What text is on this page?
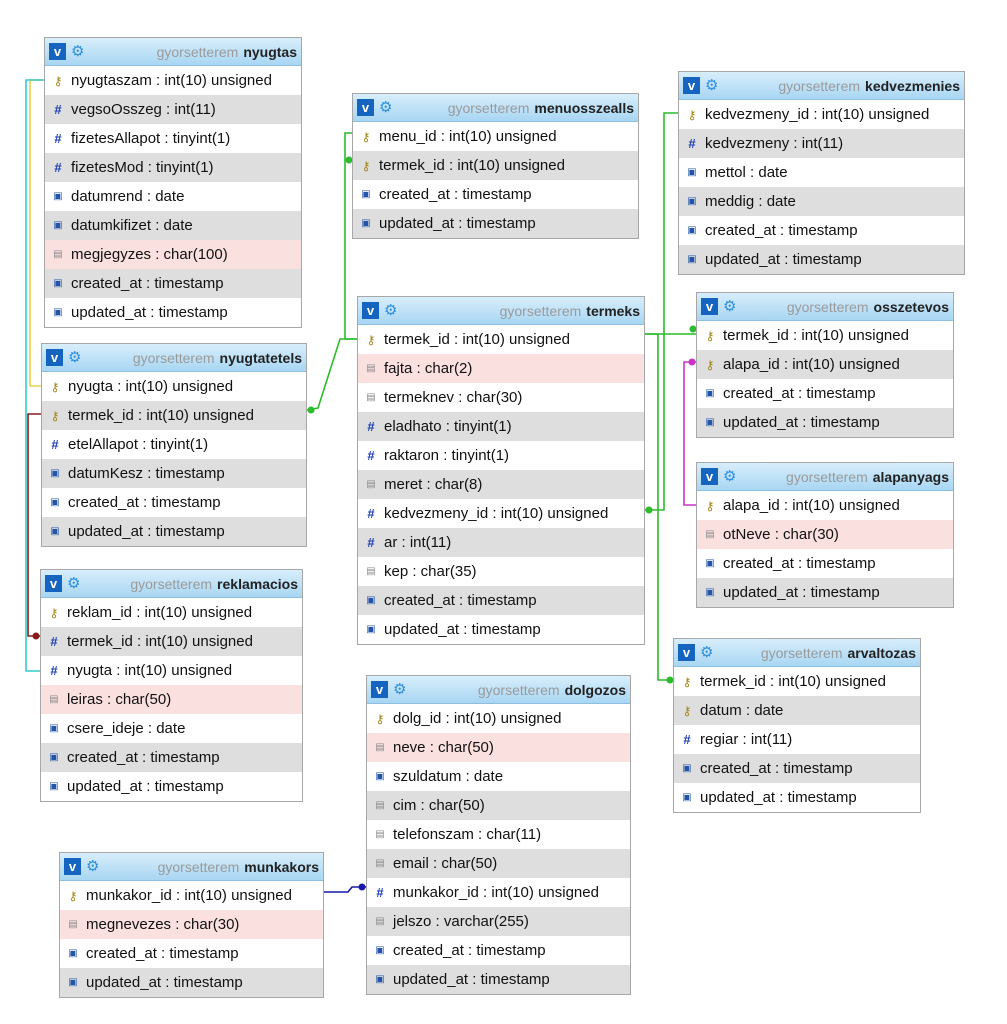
v ⚙	gyorsetterem nyugtas
⚷ nyugtaszam : int(10) unsigned
# vegsoOsszeg : int(11)
# fizetesAllapot : tinyint(1)
# fizetesMod : tinyint(1)
▣ datumrend : date
▣ datumkifizet : date
▤ megjegyzes : char(100)
▣ created_at : timestamp
▣ updated_at : timestamp
v ⚙	gyorsetterem nyugtatetels
⚷ nyugta : int(10) unsigned
⚷ termek_id : int(10) unsigned
# etelAllapot : tinyint(1)
▣ datumKesz : timestamp
▣ created_at : timestamp
▣ updated_at : timestamp
v ⚙	gyorsetterem reklamacios
⚷ reklam_id : int(10) unsigned
# termek_id : int(10) unsigned
# nyugta : int(10) unsigned
▤ leiras : char(50)
▣ csere_ideje : date
▣ created_at : timestamp
▣ updated_at : timestamp
v ⚙	gyorsetterem munkakors
⚷ munkakor_id : int(10) unsigned
▤ megnevezes : char(30)
▣ created_at : timestamp
▣ updated_at : timestamp
v ⚙	gyorsetterem menuosszealls
⚷ menu_id : int(10) unsigned
⚷ termek_id : int(10) unsigned
▣ created_at : timestamp
▣ updated_at : timestamp
v ⚙	gyorsetterem termeks
⚷ termek_id : int(10) unsigned
▤ fajta : char(2)
▤ termeknev : char(30)
# eladhato : tinyint(1)
# raktaron : tinyint(1)
▤ meret : char(8)
# kedvezmeny_id : int(10) unsigned
# ar : int(11)
▤ kep : char(35)
▣ created_at : timestamp
▣ updated_at : timestamp
v ⚙	gyorsetterem dolgozos
⚷ dolg_id : int(10) unsigned
▤ neve : char(50)
▣ szuldatum : date
▤ cim : char(50)
▤ telefonszam : char(11)
▤ email : char(50)
# munkakor_id : int(10) unsigned
▤ jelszo : varchar(255)
▣ created_at : timestamp
▣ updated_at : timestamp
v ⚙	gyorsetterem kedvezmenies
⚷ kedvezmeny_id : int(10) unsigned
# kedvezmeny : int(11)
▣ mettol : date
▣ meddig : date
▣ created_at : timestamp
▣ updated_at : timestamp
v ⚙	gyorsetterem osszetevos
⚷ termek_id : int(10) unsigned
⚷ alapa_id : int(10) unsigned
▣ created_at : timestamp
▣ updated_at : timestamp
v ⚙	gyorsetterem alapanyags
⚷ alapa_id : int(10) unsigned
▤ otNeve : char(30)
▣ created_at : timestamp
▣ updated_at : timestamp
v ⚙	gyorsetterem arvaltozas
⚷ termek_id : int(10) unsigned
⚷ datum : date
# regiar : int(11)
▣ created_at : timestamp
▣ updated_at : timestamp
